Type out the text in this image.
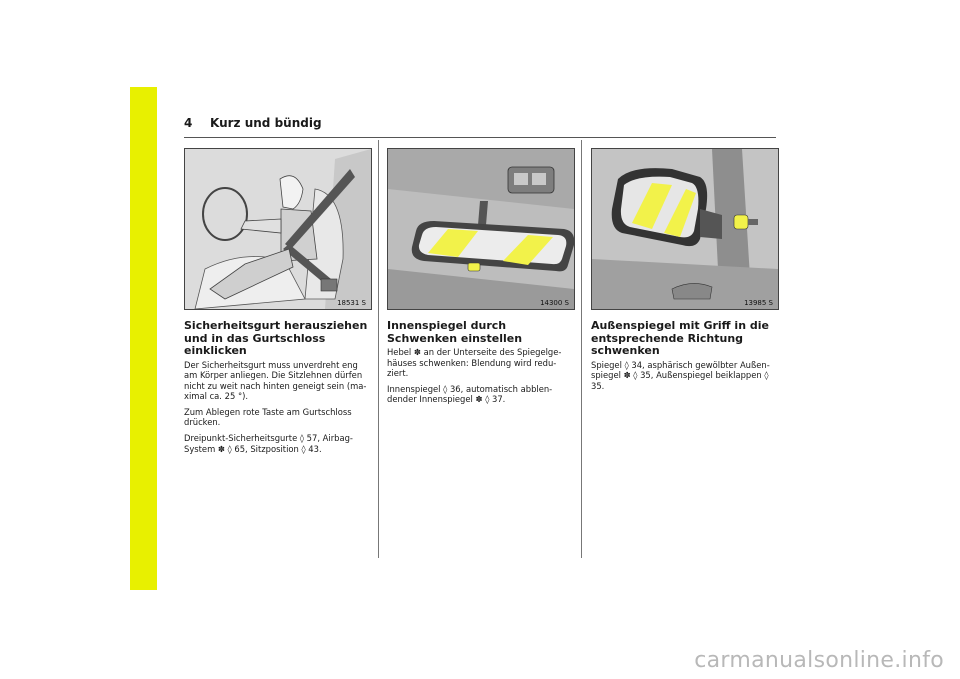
4 Kurz und bündig
18531 S
Sicherheitsgurt herausziehen und in das Gurtschloss einklicken

Der Sicherheitsgurt muss unverdreht eng am Körper anliegen. Die Sitzlehnen dürfen nicht zu weit nach hinten geneigt sein (ma-ximal ca. 25 °).

Zum Ablegen rote Taste am Gurtschloss drücken.

Dreipunkt-Sicherheitsgurte ◊ 57, Airbag-System ✽ ◊ 65, Sitzposition ◊ 43.

14300 S
Innenspiegel durch Schwenken einstellen

Hebel ✽ an der Unterseite des Spiegelge-häuses schwenken: Blendung wird redu-ziert.

Innenspiegel ◊ 36, automatisch abblen-dender Innenspiegel ✽ ◊ 37.

13985 S
Außenspiegel mit Griff in die entsprechende Richtung schwenken

Spiegel ◊ 34, asphärisch gewölbter Außen-spiegel ✽ ◊ 35, Außenspiegel beiklappen ◊ 35.

carmanualsonline.info
